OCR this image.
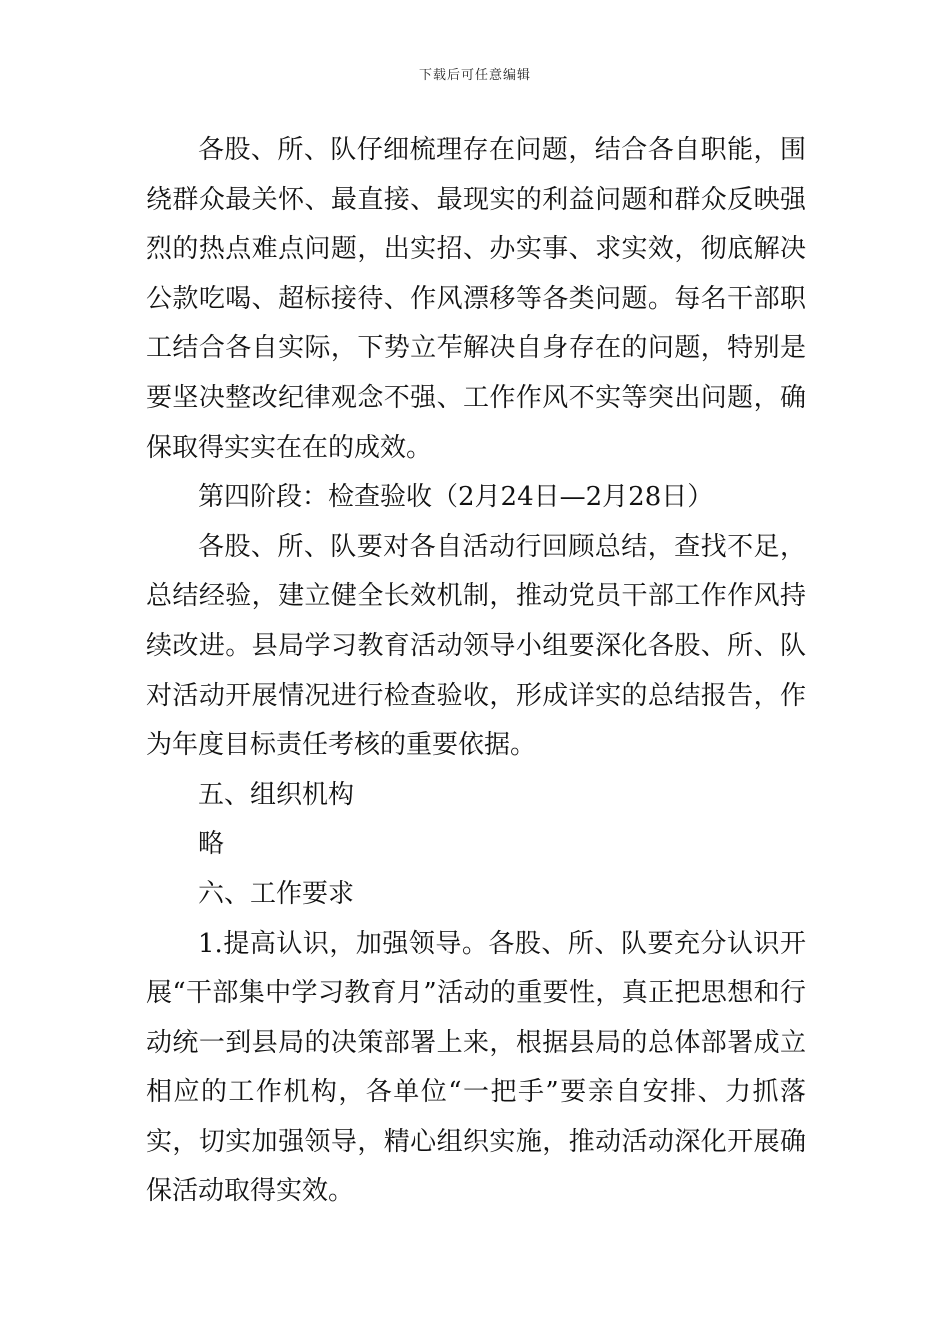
下载后可任意编辑

各股、所、队仔细梳理存在问题，结合各自职能，围绕群众最关怀、最直接、最现实的利益问题和群众反映强烈的热点难点问题，出实招、办实事、求实效，彻底解决公款吃喝、超标接待、作风漂移等各类问题。每名干部职工结合各自实际，下势立苲解决自身存在的问题，特别是要坚决整改纪律观念不强、工作作风不实等突出问题，确保取得实实在在的成效。

第四阶段：检查验收（2月24日—2月28日）

各股、所、队要对各自活动行回顾总结，查找不足，总结经验，建立健全长效机制，推动党员干部工作作风持续改进。县局学习教育活动领导小组要深化各股、所、队对活动开展情况进行检查验收，形成详实的总结报告，作为年度目标责任考核的重要依据。

五、组织机构

略

六、工作要求

1.提高认识，加强领导。各股、所、队要充分认识开展“干部集中学习教育月”活动的重要性，真正把思想和行动统一到县局的决策部署上来，根据县局的总体部署成立相应的工作机构，各单位“一把手”要亲自安排、力抓落实，切实加强领导，精心组织实施，推动活动深化开展确保活动取得实效。
